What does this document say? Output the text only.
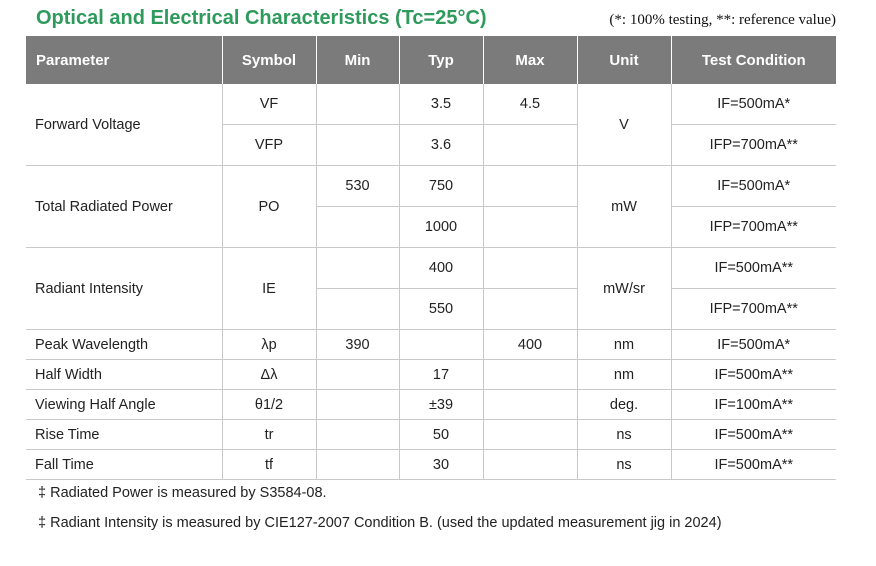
Optical and Electrical Characteristics (Tc=25°C)	(*: 100% testing, **: reference value)
Parameter	Symbol	Min	Typ	Max	Unit	Test Condition
Forward Voltage	VF		3.5	4.5	V	IF=500mA*
	VFP		3.6			IFP=700mA**
Total Radiated Power	PO	530	750		mW	IF=500mA*
			1000			IFP=700mA**
Radiant Intensity	IE		400		mW/sr	IF=500mA**
			550			IFP=700mA**
Peak Wavelength	λp	390		400	nm	IF=500mA*
Half Width	Δλ		17		nm	IF=500mA**
Viewing Half Angle	θ1/2		±39		deg.	IF=100mA**
Rise Time	tr		50		ns	IF=500mA**
Fall Time	tf		30		ns	IF=500mA**
‡ Radiated Power is measured by S3584-08.
‡ Radiant Intensity is measured by CIE127-2007 Condition B. (used the updated measurement jig in 2024)
